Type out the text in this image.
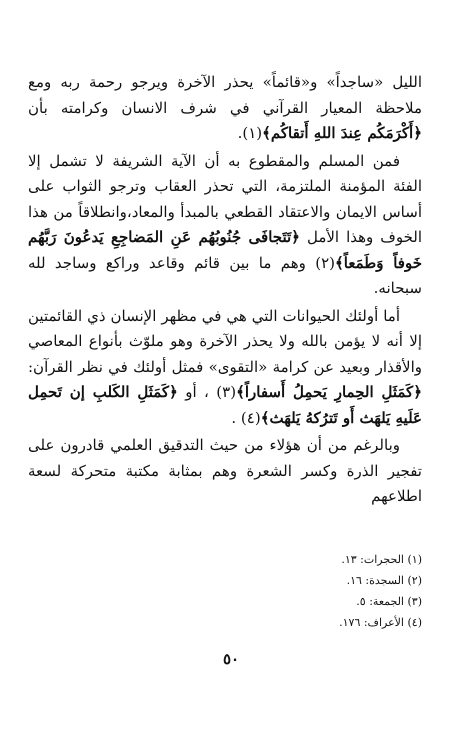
الليل «ساجداً» و«قائماً» يحذر الآخرة ويرجو رحمة ربه ومع ملاحظة المعيار القرآني في شرف الانسان وكرامته بأن ﴿أَكْرَمَكُم عِندَ اللهِ أَتقاكُم﴾(١).

فمن المسلم والمقطوع به أن الآية الشريفة لا تشمل إلا الفئة المؤمنة الملتزمة، التي تحذر العقاب وترجو الثواب على أساس الايمان والاعتقاد القطعي بالمبدأ والمعاد،وانطلاقاً من هذا الخوف وهذا الأمل ﴿تَتَجافَى جُنُوبُهُم عَنِ المَضاجِعِ يَدعُونَ رَبَّهُم خَوفاً وَطَمَعاً﴾(٢) وهم ما بين قائم وقاعد وراكع وساجد لله سبحانه.

أما أولئك الحيوانات التي هي في مظهر الإنسان ذي القائمتين إلا أنه لا يؤمن بالله ولا يحذر الآخرة وهو ملوّث بأنواع المعاصي والأقذار وبعيد عن كرامة «التقوى» فمثل أولئك في نظر القرآن: ﴿كَمَثَلِ الحِمارِ يَحمِلُ أَسفاراً﴾(٣) ، أو ﴿كَمَثَلِ الكَلبِ إن تَحمِل عَلَيهِ يَلهَث أَو تَترُكهُ يَلهَث﴾(٤) .

وبالرغم من أن هؤلاء من حيث التدقيق العلمي قادرون على تفجير الذرة وكسر الشعرة وهم بمثابة مكتبة متحركة لسعة اطلاعهم

(١) الحجرات: ١٣.
(٢) السجدة: ١٦.
(٣) الجمعة: ٥.
(٤) الأعراف: ١٧٦.
٥٠
